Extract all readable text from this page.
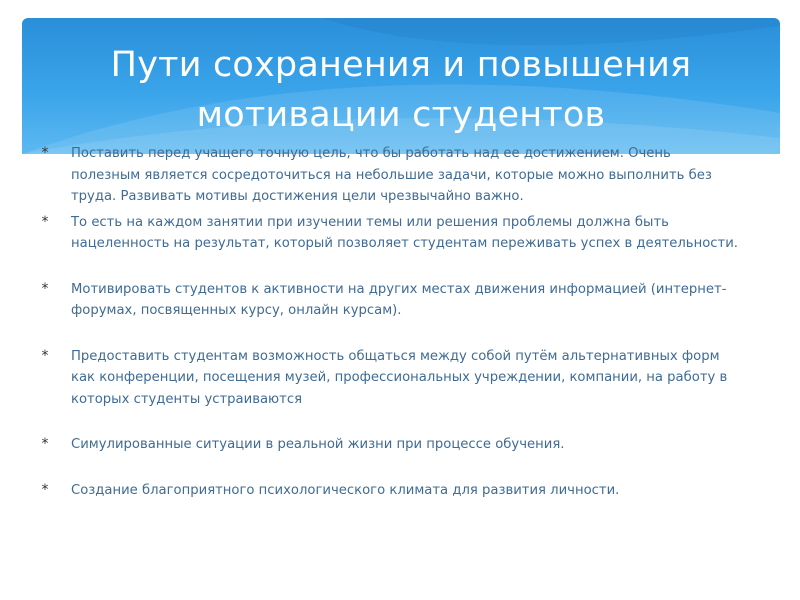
Пути сохранения и повышения мотивации студентов
* Поставить перед учащего точную цель, что бы работать над ее достижением. Очень полезным является сосредоточиться на небольшие задачи, которые можно выполнить без труда. Развивать мотивы достижения цели чрезвычайно важно.
* То есть на каждом занятии при изучении темы или решения проблемы должна быть нацеленность на результат, который позволяет студентам переживать успех в деятельности.
* Мотивировать студентов к активности на других местах движения информацией (интернет-форумах, посвященных курсу, онлайн курсам).
* Предоставить студентам возможность общаться между собой путём альтернативных форм как конференции, посещения музей, профессиональных учреждении, компании, на работу в которых студенты устраиваются
* Симулированные ситуации в реальной жизни при процессе обучения.
* Создание благоприятного психологического климата для развития личности.
